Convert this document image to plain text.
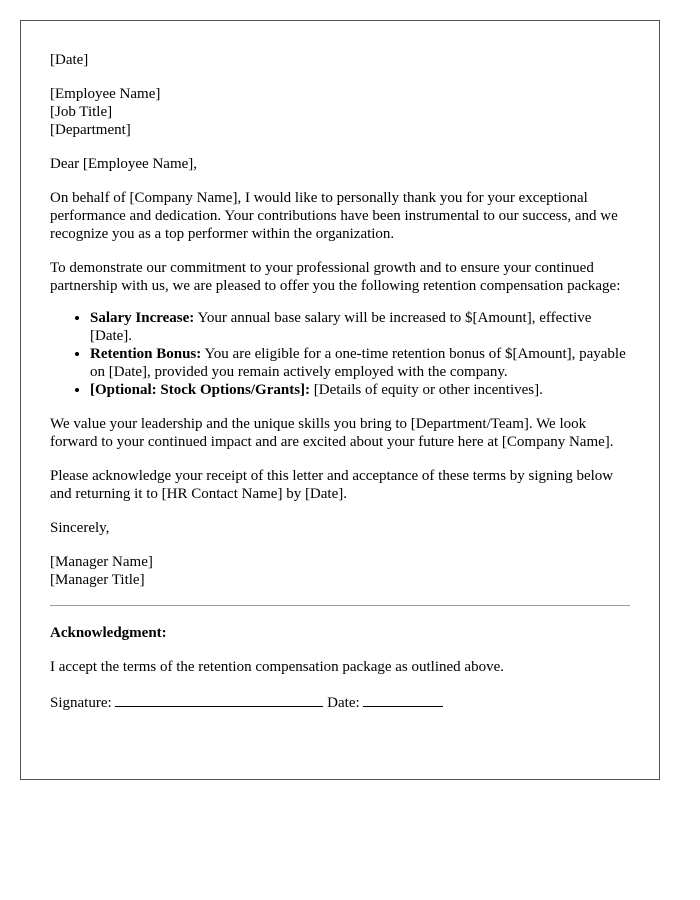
[Date]

[Employee Name]
[Job Title]
[Department]

Dear [Employee Name],

On behalf of [Company Name], I would like to personally thank you for your exceptional performance and dedication. Your contributions have been instrumental to our success, and we recognize you as a top performer within the organization.

To demonstrate our commitment to your professional growth and to ensure your continued partnership with us, we are pleased to offer you the following retention compensation package:

• Salary Increase: Your annual base salary will be increased to $[Amount], effective [Date].
• Retention Bonus: You are eligible for a one-time retention bonus of $[Amount], payable on [Date], provided you remain actively employed with the company.
• [Optional: Stock Options/Grants]: [Details of equity or other incentives].

We value your leadership and the unique skills you bring to [Department/Team]. We look forward to your continued impact and are excited about your future here at [Company Name].

Please acknowledge your receipt of this letter and acceptance of these terms by signing below and returning it to [HR Contact Name] by [Date].

Sincerely,

[Manager Name]
[Manager Title]

Acknowledgment:

I accept the terms of the retention compensation package as outlined above.

Signature:	Date:
